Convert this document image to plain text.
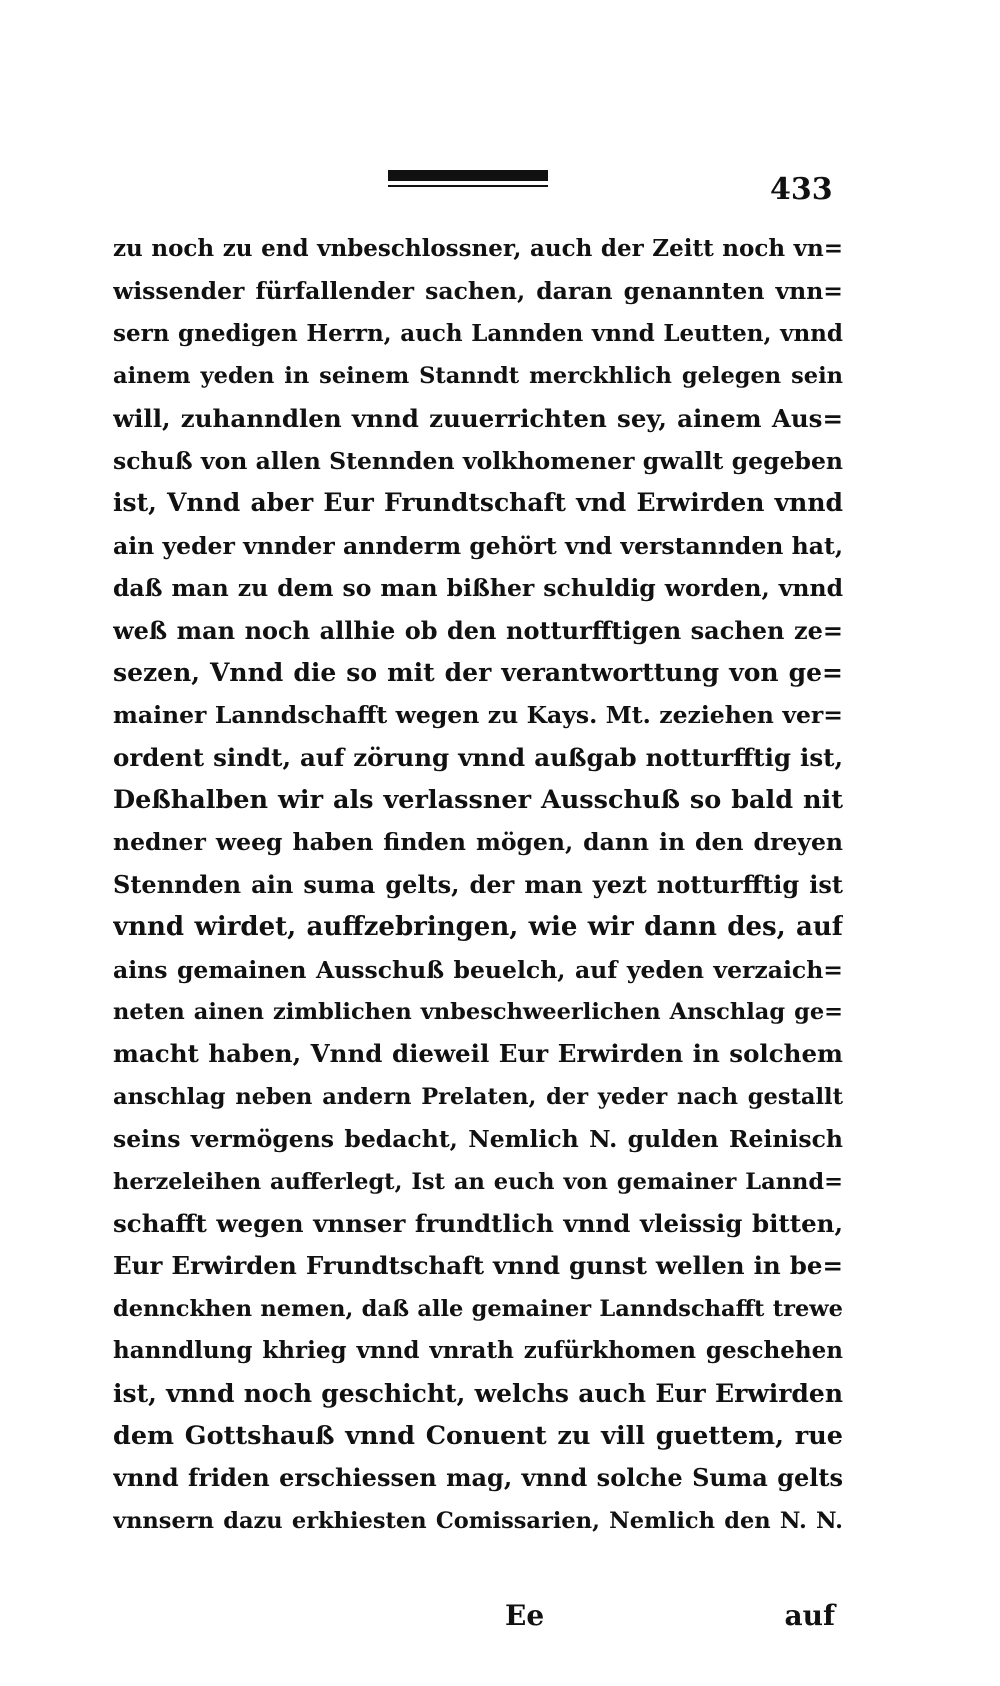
433
zu noch zu end vnbeschlossner, auch der Zeitt noch vn=
wissender fürfallender sachen, daran genannten vnn=
sern gnedigen Herrn, auch Lannden vnnd Leutten, vnnd
ainem yeden in seinem Stanndt merckhlich gelegen sein
will, zuhanndlen vnnd zuuerrichten sey, ainem Aus=
schuß von allen Stennden volkhomener gwallt gegeben
ist, Vnnd aber Eur Frundtschaft vnd Erwirden vnnd
ain yeder vnnder annderm gehört vnd verstannden hat,
daß man zu dem so man bißher schuldig worden, vnnd
weß man noch allhie ob den notturfftigen sachen ze=
sezen, Vnnd die so mit der verantworttung von ge=
mainer Lanndschafft wegen zu Kays. Mt. zeziehen ver=
ordent sindt, auf zörung vnnd außgab notturfftig ist,
Deßhalben wir als verlassner Ausschuß so bald nit
nedner weeg haben finden mögen, dann in den dreyen
Stennden ain suma gelts, der man yezt notturfftig ist
vnnd wirdet, auffzebringen, wie wir dann des, auf
ains gemainen Ausschuß beuelch, auf yeden verzaich=
neten ainen zimblichen vnbeschweerlichen Anschlag ge=
macht haben, Vnnd dieweil Eur Erwirden in solchem
anschlag neben andern Prelaten, der yeder nach gestallt
seins vermögens bedacht, Nemlich N. gulden Reinisch
herzeleihen aufferlegt, Ist an euch von gemainer Lannd=
schafft wegen vnnser frundtlich vnnd vleissig bitten,
Eur Erwirden Frundtschaft vnnd gunst wellen in be=
dennckhen nemen, daß alle gemainer Lanndschafft trewe
hanndlung khrieg vnnd vnrath zufürkhomen geschehen
ist, vnnd noch geschicht, welchs auch Eur Erwirden
dem Gottshauß vnnd Conuent zu vill guettem, rue
vnnd friden erschiessen mag, vnnd solche Suma gelts
vnnsern dazu erkhiesten Comissarien, Nemlich den N. N.
Ee	auf
